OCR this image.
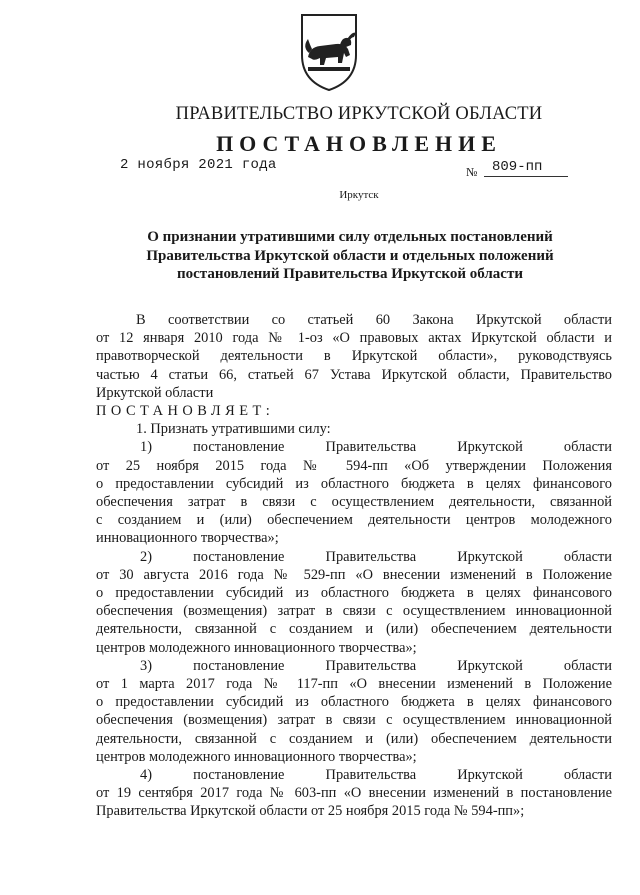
ПРАВИТЕЛЬСТВО ИРКУТСКОЙ ОБЛАСТИ
ПОСТАНОВЛЕНИЕ
2 ноября 2021 года	№ 809-пп
Иркутск
О признании утратившими силу отдельных постановлений
Правительства Иркутской области и отдельных положений
постановлений Правительства Иркутской области
В соответствии со статьей 60 Закона Иркутской области
от 12 января 2010 года № 1-оз «О правовых актах Иркутской области и
правотворческой деятельности в Иркутской области», руководствуясь
частью 4 статьи 66, статьей 67 Устава Иркутской области, Правительство
Иркутской области
ПОСТАНОВЛЯЕТ:
1. Признать утратившими силу:
1)	постановление	Правительства	Иркутской	области
от 25 ноября 2015 года № 594-пп «Об утверждении Положения
о предоставлении субсидий из областного бюджета в целях финансового
обеспечения затрат в связи с осуществлением деятельности, связанной
с созданием и (или) обеспечением деятельности центров молодежного
инновационного творчества»;
2)	постановление	Правительства	Иркутской	области
от 30 августа 2016 года № 529-пп «О внесении изменений в Положение
о предоставлении субсидий из областного бюджета в целях финансового
обеспечения (возмещения) затрат в связи с осуществлением инновационной
деятельности, связанной с созданием и (или) обеспечением деятельности
центров молодежного инновационного творчества»;
3)	постановление	Правительства	Иркутской	области
от 1 марта 2017 года № 117-пп «О внесении изменений в Положение
о предоставлении субсидий из областного бюджета в целях финансового
обеспечения (возмещения) затрат в связи с осуществлением инновационной
деятельности, связанной с созданием и (или) обеспечением деятельности
центров молодежного инновационного творчества»;
4)	постановление	Правительства	Иркутской	области
от 19 сентября 2017 года № 603-пп «О внесении изменений в постановление
Правительства Иркутской области от 25 ноября 2015 года № 594-пп»;
